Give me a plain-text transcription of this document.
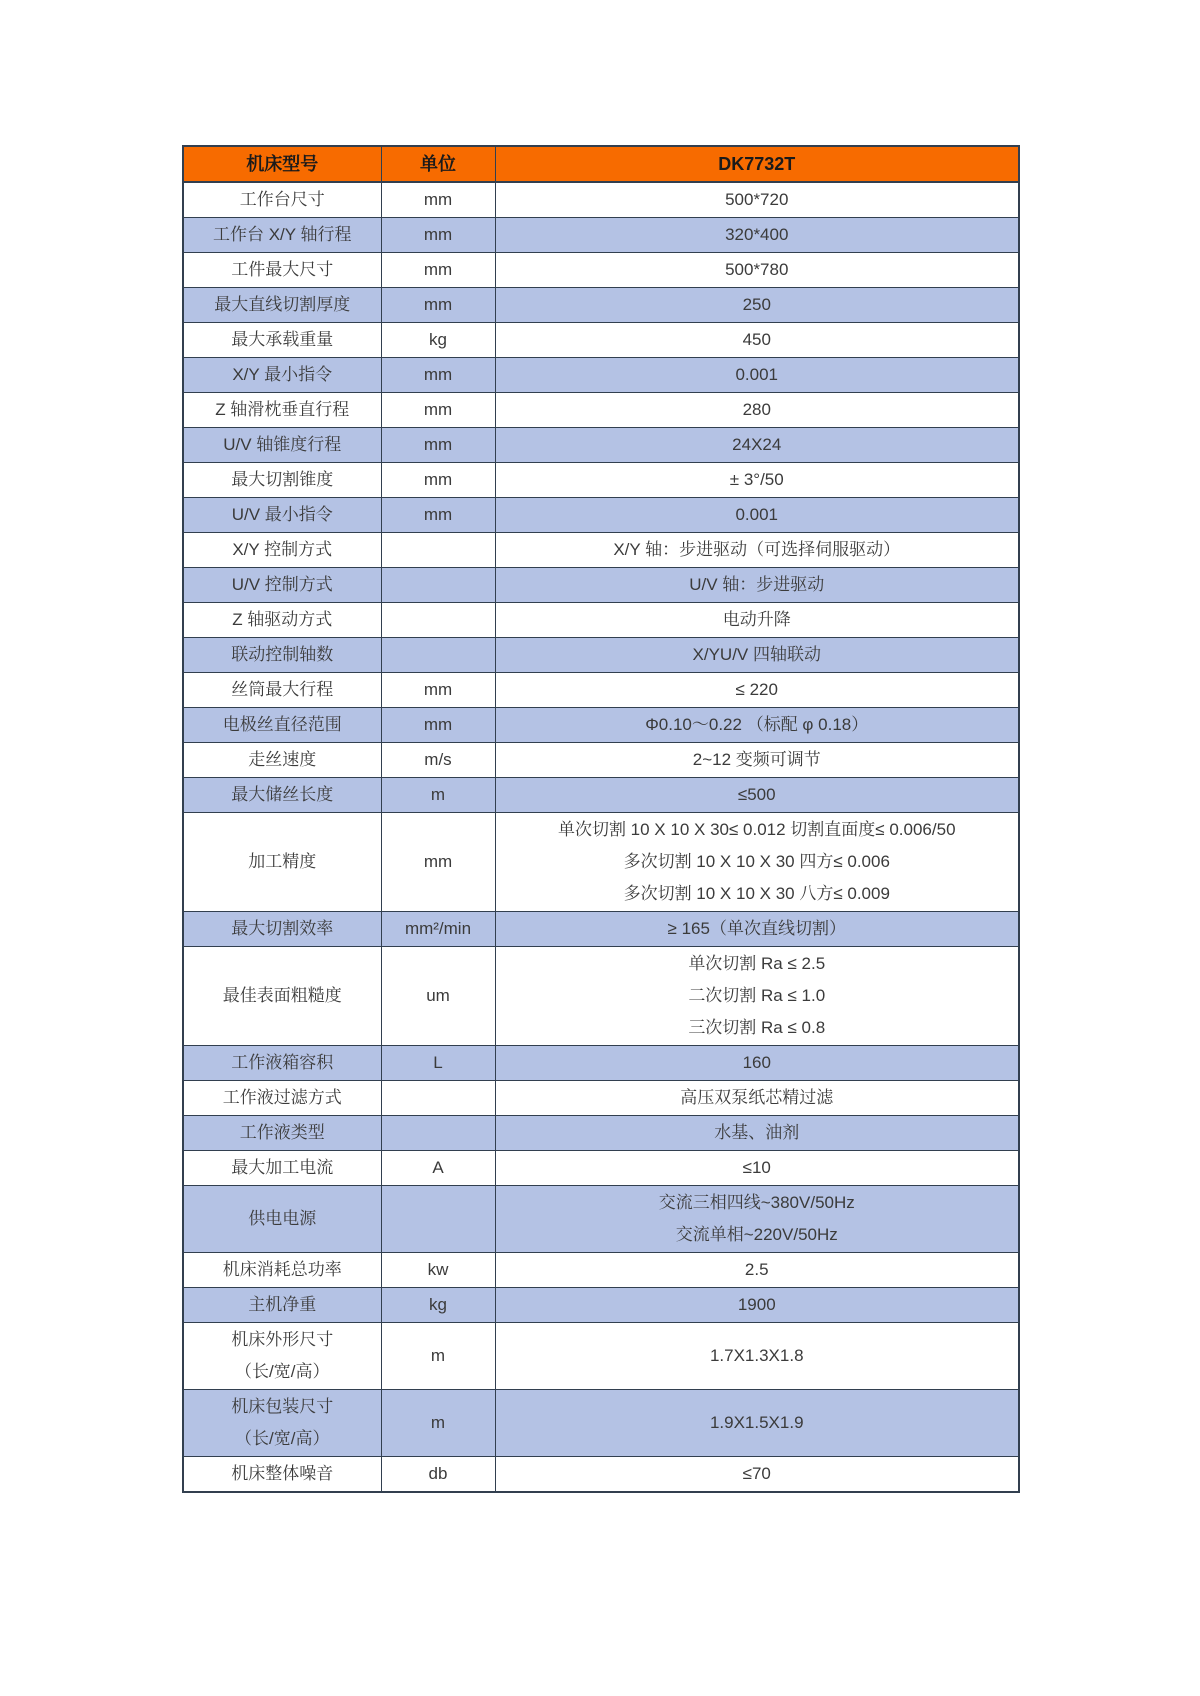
机床型号	单位	DK7732T

工作台尺寸	mm	500*720

工作台 X/Y 轴行程	mm	320*400

工件最大尺寸	mm	500*780

最大直线切割厚度	mm	250

最大承载重量	kg	450

X/Y 最小指令	mm	0.001

Z 轴滑枕垂直行程	mm	280

U/V 轴锥度行程	mm	24X24

最大切割锥度	mm	± 3°/50

U/V 最小指令	mm	0.001

X/Y 控制方式		X/Y 轴：步进驱动（可选择伺服驱动）

U/V 控制方式		U/V 轴：步进驱动

Z 轴驱动方式		电动升降

联动控制轴数		X/YU/V 四轴联动

丝筒最大行程	mm	≤ 220

电极丝直径范围	mm	Φ0.10～0.22 （标配 φ 0.18）

走丝速度	m/s	2~12 变频可调节

最大储丝长度	m	≤500

加工精度	mm	单次切割 10 X 10 X 30≤ 0.012 切割直面度≤ 0.006/50
多次切割 10 X 10 X 30 四方≤ 0.006
多次切割 10 X 10 X 30 八方≤ 0.009

最大切割效率	mm²/min	≥ 165（单次直线切割）

最佳表面粗糙度	um	单次切割 Ra ≤ 2.5
二次切割 Ra ≤ 1.0
三次切割 Ra ≤ 0.8

工作液箱容积	L	160

工作液过滤方式		高压双泵纸芯精过滤

工作液类型		水基、油剂

最大加工电流	A	≤10

供电电源		交流三相四线~380V/50Hz
交流单相~220V/50Hz

机床消耗总功率	kw	2.5

主机净重	kg	1900

机床外形尺寸
（长/宽/高）	m	1.7X1.3X1.8

机床包装尺寸
（长/宽/高）	m	1.9X1.5X1.9

机床整体噪音	db	≤70
